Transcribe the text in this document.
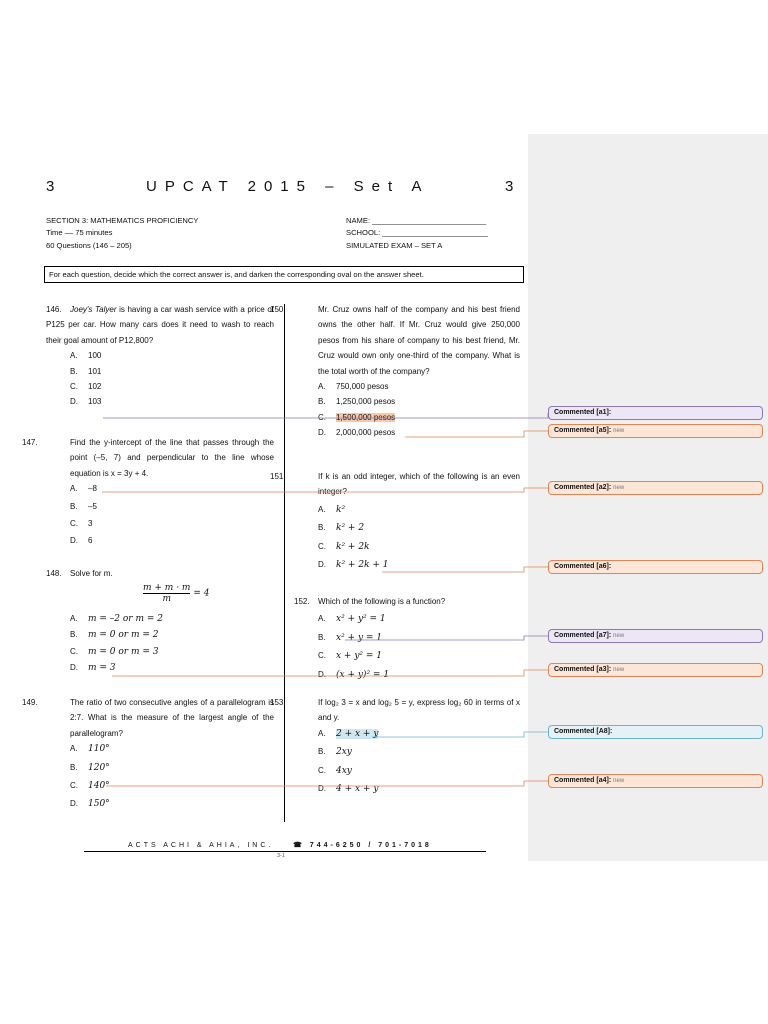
3	UPCAT 2015 – Set A	3
SECTION 3: MATHEMATICS PROFICIENCY
Time –– 75 minutes
60 Questions (146 – 205)
NAME: ___________________________
SCHOOL: _________________________
SIMULATED EXAM – SET A
For each question, decide which the correct answer is, and darken the corresponding oval on the answer sheet.
146. Joey's Talyer is having a car wash service with a price of P125 per car. How many cars does it need to wash to reach their goal amount of P12,800?
A. 100
B. 101
C. 102
D. 103
147.	Find the y-intercept of the line that passes through the point (–5, 7) and perpendicular to the line whose equation is x = 3y + 4.
A. –8
B. –5
C. 3
D. 6
148. Solve for m.
$\frac{m + m \cdot m}{m} = 4$
A. m = –2 or m = 2
B. m = 0 or m = 2
C. m = 0 or m = 3
D. m = 3
149.	The ratio of two consecutive angles of a parallelogram is 2:7. What is the measure of the largest angle of the parallelogram?
A. 110°
B. 120°
C. 140°
D. 150°
150.	Mr. Cruz owns half of the company and his best friend owns the other half. If Mr. Cruz would give 250,000 pesos from his share of company to his best friend, Mr. Cruz would own only one-third of the company. What is the total worth of the company?
A. 750,000 pesos
B. 1,250,000 pesos
C. 1,500,000 pesos
D. 2,000,000 pesos
151.	If k is an odd integer, which of the following is an even integer?
A. k²
B. k² + 2
C. k² + 2k
D. k² + 2k + 1
152. Which of the following is a function?
A. x² + y² = 1
B. x² + y = 1
C. x + y² = 1
D. (x + y)² = 1
153.	If log₂ 3 = x and log₂ 5 = y, express log₂ 60 in terms of x and y.
A. 2 + x + y
B. 2xy
C. 4xy
D. 4 + x + y
ACTS ACHI & AHIA, INC.	☎ 744-6250 / 701-7018
3-1
Commented [a1]:
Commented [a5]: new
Commented [a2]: new
Commented [a6]:
Commented [a7]: new
Commented [a3]: new
Commented [A8]:
Commented [a4]: new
